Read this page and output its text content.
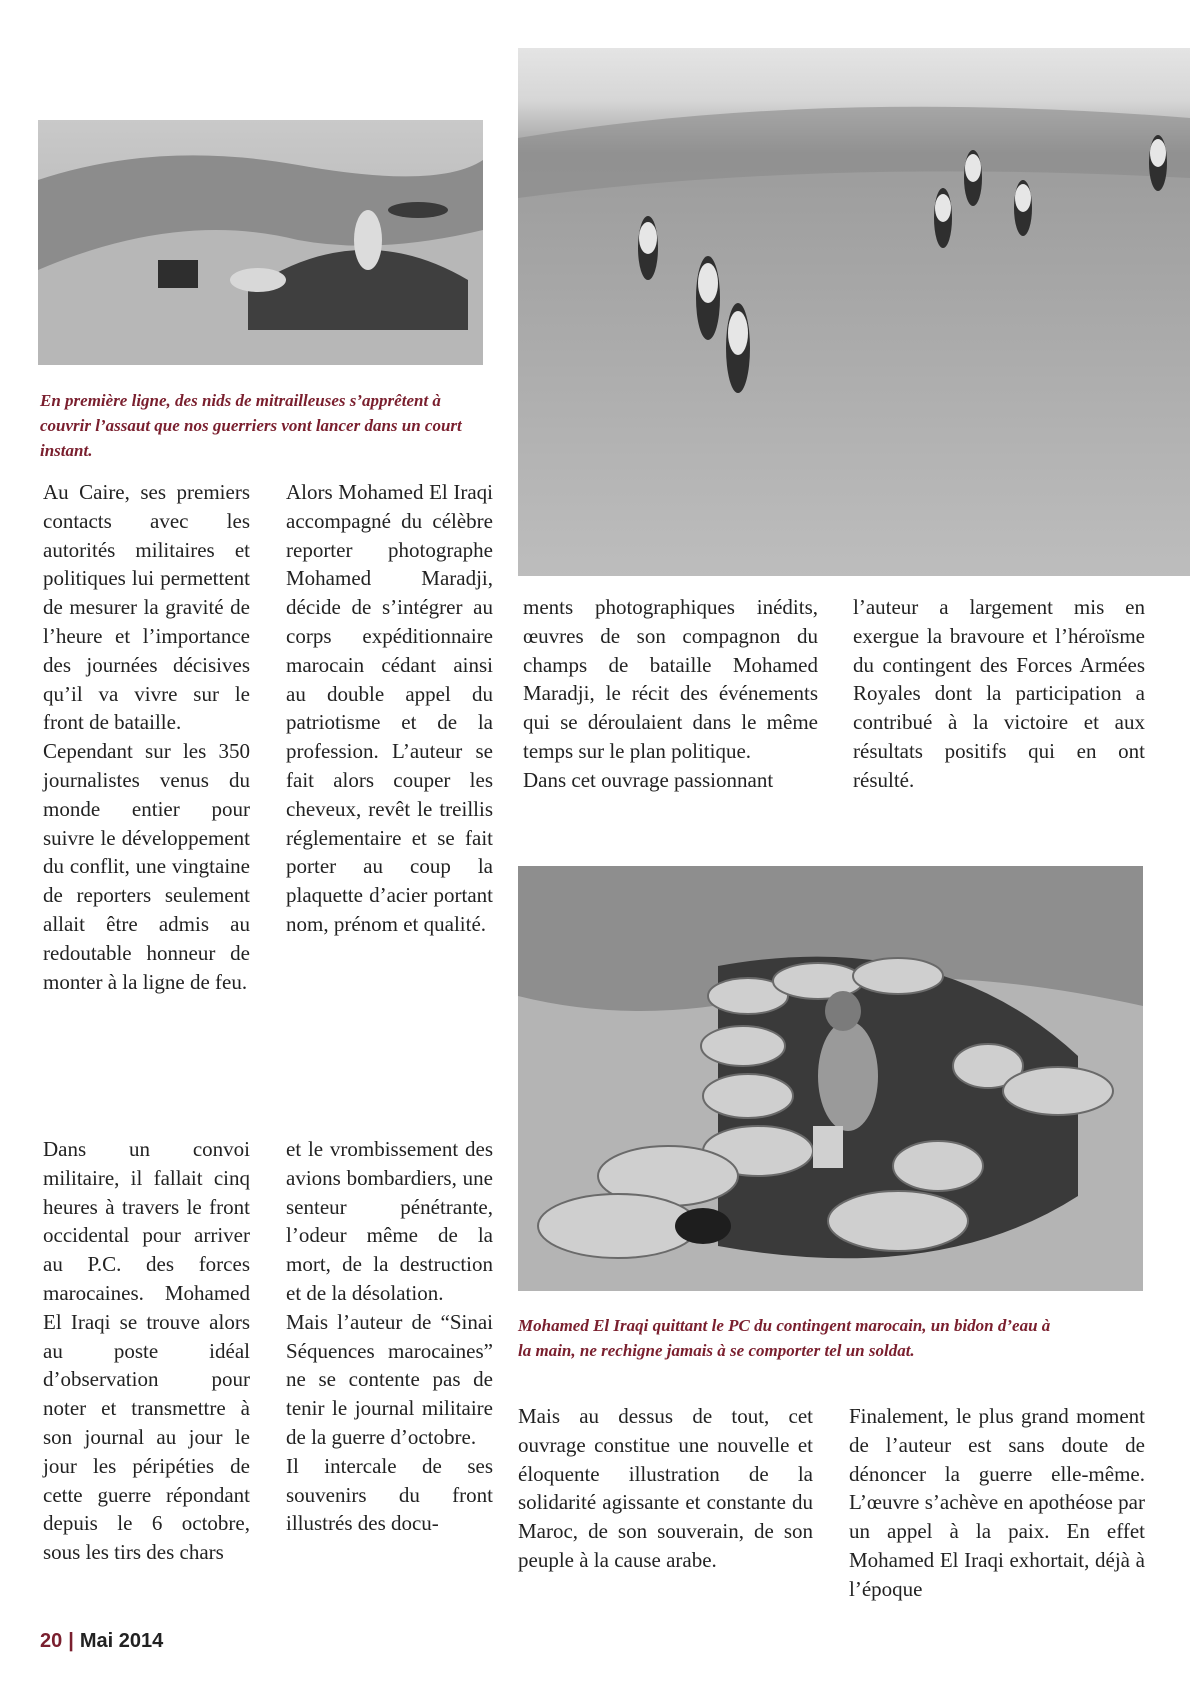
En première ligne, des nids de mitrailleuses s’apprêtent à couvrir l’assaut que nos guerriers vont lancer dans un court instant.

Au Caire, ses premiers contacts avec les autorités militaires et politiques lui permettent de mesurer la gravité de l’heure et l’importance des journées décisives qu’il va vivre sur le front de bataille.

Cependant sur les 350 journalistes venus du monde entier pour suivre le développement du conflit, une vingtaine de reporters seulement allait être admis au redoutable honneur de monter à la ligne de feu.

Alors Mohamed El Iraqi accompagné du célèbre reporter photographe Mohamed Maradji, décide de s’intégrer au corps expéditionnaire marocain cédant ainsi au double appel du patriotisme et de la profession. L’auteur se fait alors couper les cheveux, revêt le treillis réglementaire et se fait porter au coup la plaquette d’acier portant nom, prénom et qualité.

ments photographiques inédits, œuvres de son compagnon du champs de bataille Mohamed Maradji, le récit des événements qui se déroulaient dans le même temps sur le plan politique.

Dans cet ouvrage passionnant

l’auteur a largement mis en exergue la bravoure et l’héroïsme du contingent des Forces Armées Royales dont la participation a contribué à la victoire et aux résultats positifs qui en ont résulté.

Mohamed El Iraqi quittant le PC du contingent marocain, un bidon d’eau à la main, ne rechigne jamais à se comporter tel un soldat.

Dans un convoi militaire, il fallait cinq heures à travers le front occidental pour arriver au P.C. des forces marocaines. Mohamed El Iraqi se trouve alors au poste idéal d’observation pour noter et transmettre à son journal au jour le jour les péripéties de cette guerre répondant depuis le 6 octobre, sous les tirs des chars

et le vrombissement des avions bombardiers, une senteur pénétrante, l’odeur même de la mort, de la destruction et de la désolation.

Mais l’auteur de “Sinai Séquences marocaines” ne se contente pas de tenir le journal militaire de la guerre d’octobre.

Il intercale de ses souvenirs du front illustrés des docu-

Mais au dessus de tout, cet ouvrage constitue une nouvelle et éloquente illustration de la solidarité agissante et constante du Maroc, de son souverain, de son peuple à la cause arabe.

Finalement, le plus grand moment de l’auteur est sans doute de dénoncer la guerre elle-même. L’œuvre s’achève en apothéose par un appel à la paix. En effet Mohamed El Iraqi exhortait, déjà à l’époque

20 | Mai 2014
